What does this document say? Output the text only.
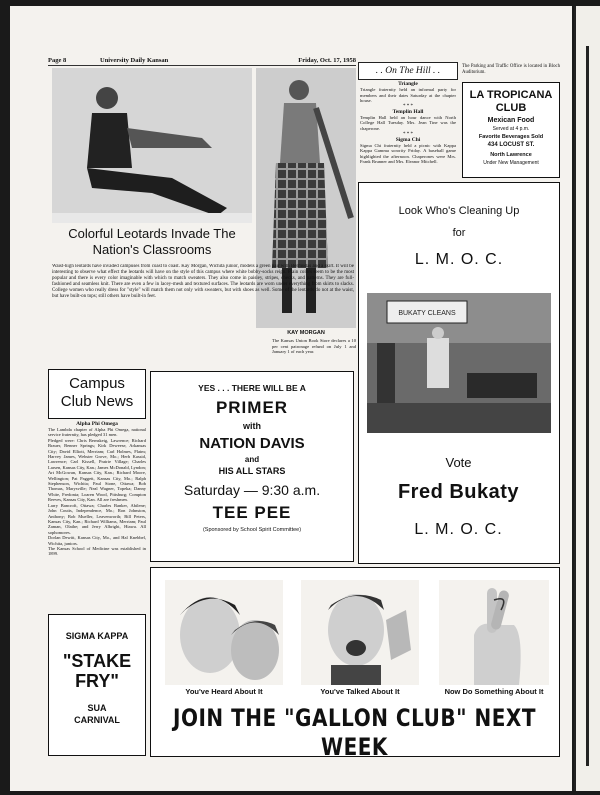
Page 8	University Daily Kansan	Friday, Oct. 17, 1958
KAY MORGAN
Colorful Leotards Invade The Nation's Classrooms
Waist-high leotards have invaded campuses from coast to coast. Kay Morgan, Wichita junior, models a green pair with Bermudas and a skirt. It will be interesting to observe what effect the leotards will have on the style of this campus where white bobby-socks reign. Plain colors seem to be the most popular and there is every color imaginable with which to match sweaters. They also come in paisley, stripes, checks, and patterns. They are full-fashioned and seamless knit. There are even a few in lacey-mesh and textured surfaces. The leotards are worn under everything from skirts to slacks. College women who really dress for "style" will match them not only with sweaters, but with shoes as well. Some of the leotards do not at the waist, but have built-on tops; still others have built-in feet.
The Kansas Union Book Store declares a 10 per cent patronage refund on July 1 and January 1 of each year.
. . On The Hill . .
Triangle
Triangle fraternity held an informal party for members and their dates Saturday at the chapter house.
* * *
Templin Hall
Templin Hall held an hour dance with North College Hall Tuesday. Mrs. Jean Tine was the chaperone.
* * *
Sigma Chi
Sigma Chi fraternity held a picnic with Kappa Kappa Gamma sorority Friday. A baseball game highlighted the afternoon. Chaperones were Mrs. Frank Brunner and Mrs. Eleanor Mitchell.
The Parking and Traffic Office is located in Bloch Auditorium.
LA TROPICANA
CLUB
Mexican Food
Served at 4 p.m.
Favorite Beverages Sold
434 LOCUST ST.
North Lawrence
Under New Management
Look Who's Cleaning Up
for
L. M. O. C.
BUKATY CLEANS
Vote
Fred Bukaty
L. M. O. C.
Campus
Club News
Alpha Phi Omega
The Lambda chapter of Alpha Phi Omega, national service fraternity, has pledged 31 men.
Pledged were: Chris Bernskeig, Lawrence; Richard Brauer, Benner Springs; Kirk Deweese, Arkansas City; David Elliott, Merriam; Carl Holmes, Flaim; Harvey James, Webster Grove, Mo.; Herb Kassid, Lawrence; Carl Kissell, Prairie Village; Charles Larsen, Kansas City, Kan.; James McDonald, Lyndon; Art McGowan, Kansas City, Kan.; Richard Moore, Wellington; Pat Paggett, Kansas City, Mo.; Ralph Stephenson, Wichita; Paul Stone, Ottawa; Bob Thomas, Marysville; Neal Wagner, Topeka; Danny White, Fredonia; Loaren Wood, Pittsburg; Compton Reeves, Kansas City, Kan. All are freshmen.
Larry Bancroft, Ottawa; Charles Banker, Abilene; John Coutts, Independence, Mo.; Ron Johnston, Anthony; Bob Mueller, Leavenworth; Bill Peters, Kansas City, Kan.; Richard Williams, Merriam; Paul Zaman, Olathe; and Jerry Albright, Hiawa. All sophomores.
Dorlan Dewitt, Kansas City, Mo., and Hal Knebbel, Wichita, juniors.
The Kansas School of Medicine was established in 1899.
YES . . . THERE WILL BE A
PRIMER
with
NATION DAVIS
and
HIS ALL STARS
Saturday — 9:30 a.m.
TEE PEE
(Sponsored by School Spirit Committee)
SIGMA KAPPA
"STAKE
FRY"
SUA
CARNIVAL
You've Heard About It	You've Talked About It	Now Do Something About It
JOIN THE "GALLON CLUB" NEXT WEEK
